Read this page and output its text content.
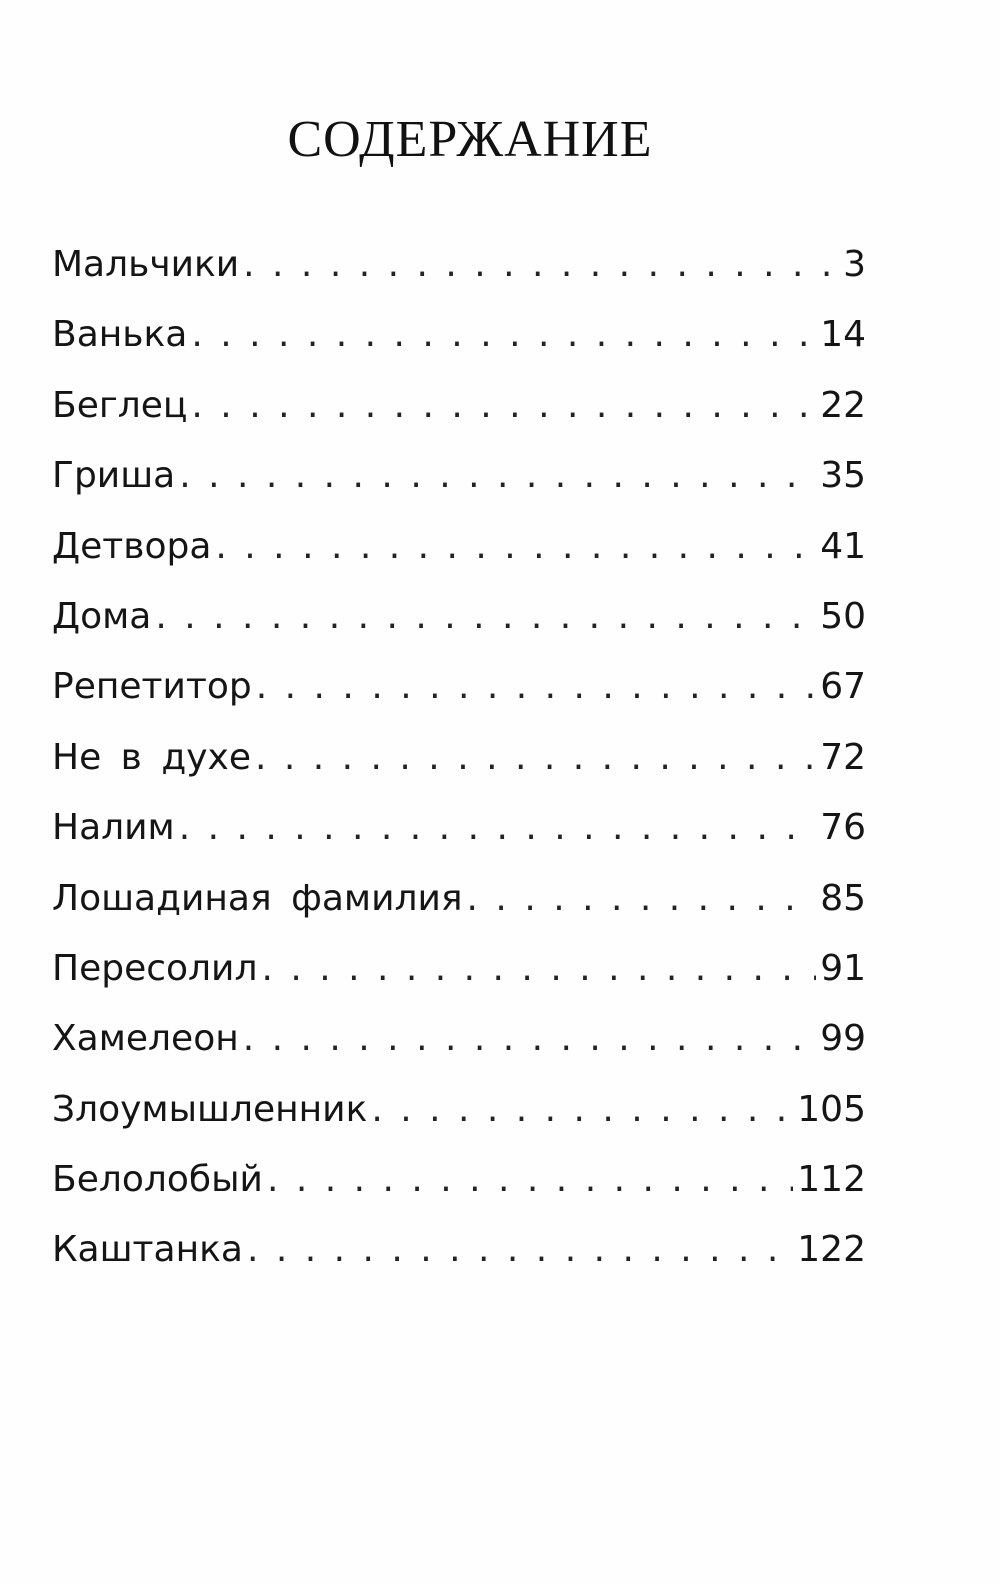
СОДЕРЖАНИЕ
Мальчики . . .	3
Ванька . . .	14
Беглец . . .	22
Гриша . . .	35
Детвора . . .	41
Дома . . .	50
Репетитор . . .	67
Не в духе . . .	72
Налим . . .	76
Лошадиная фамилия . . .	85
Пересолил . . .	91
Хамелеон . . .	99
Злоумышленник . . .	105
Белолобый . . .	112
Каштанка . . .	122
